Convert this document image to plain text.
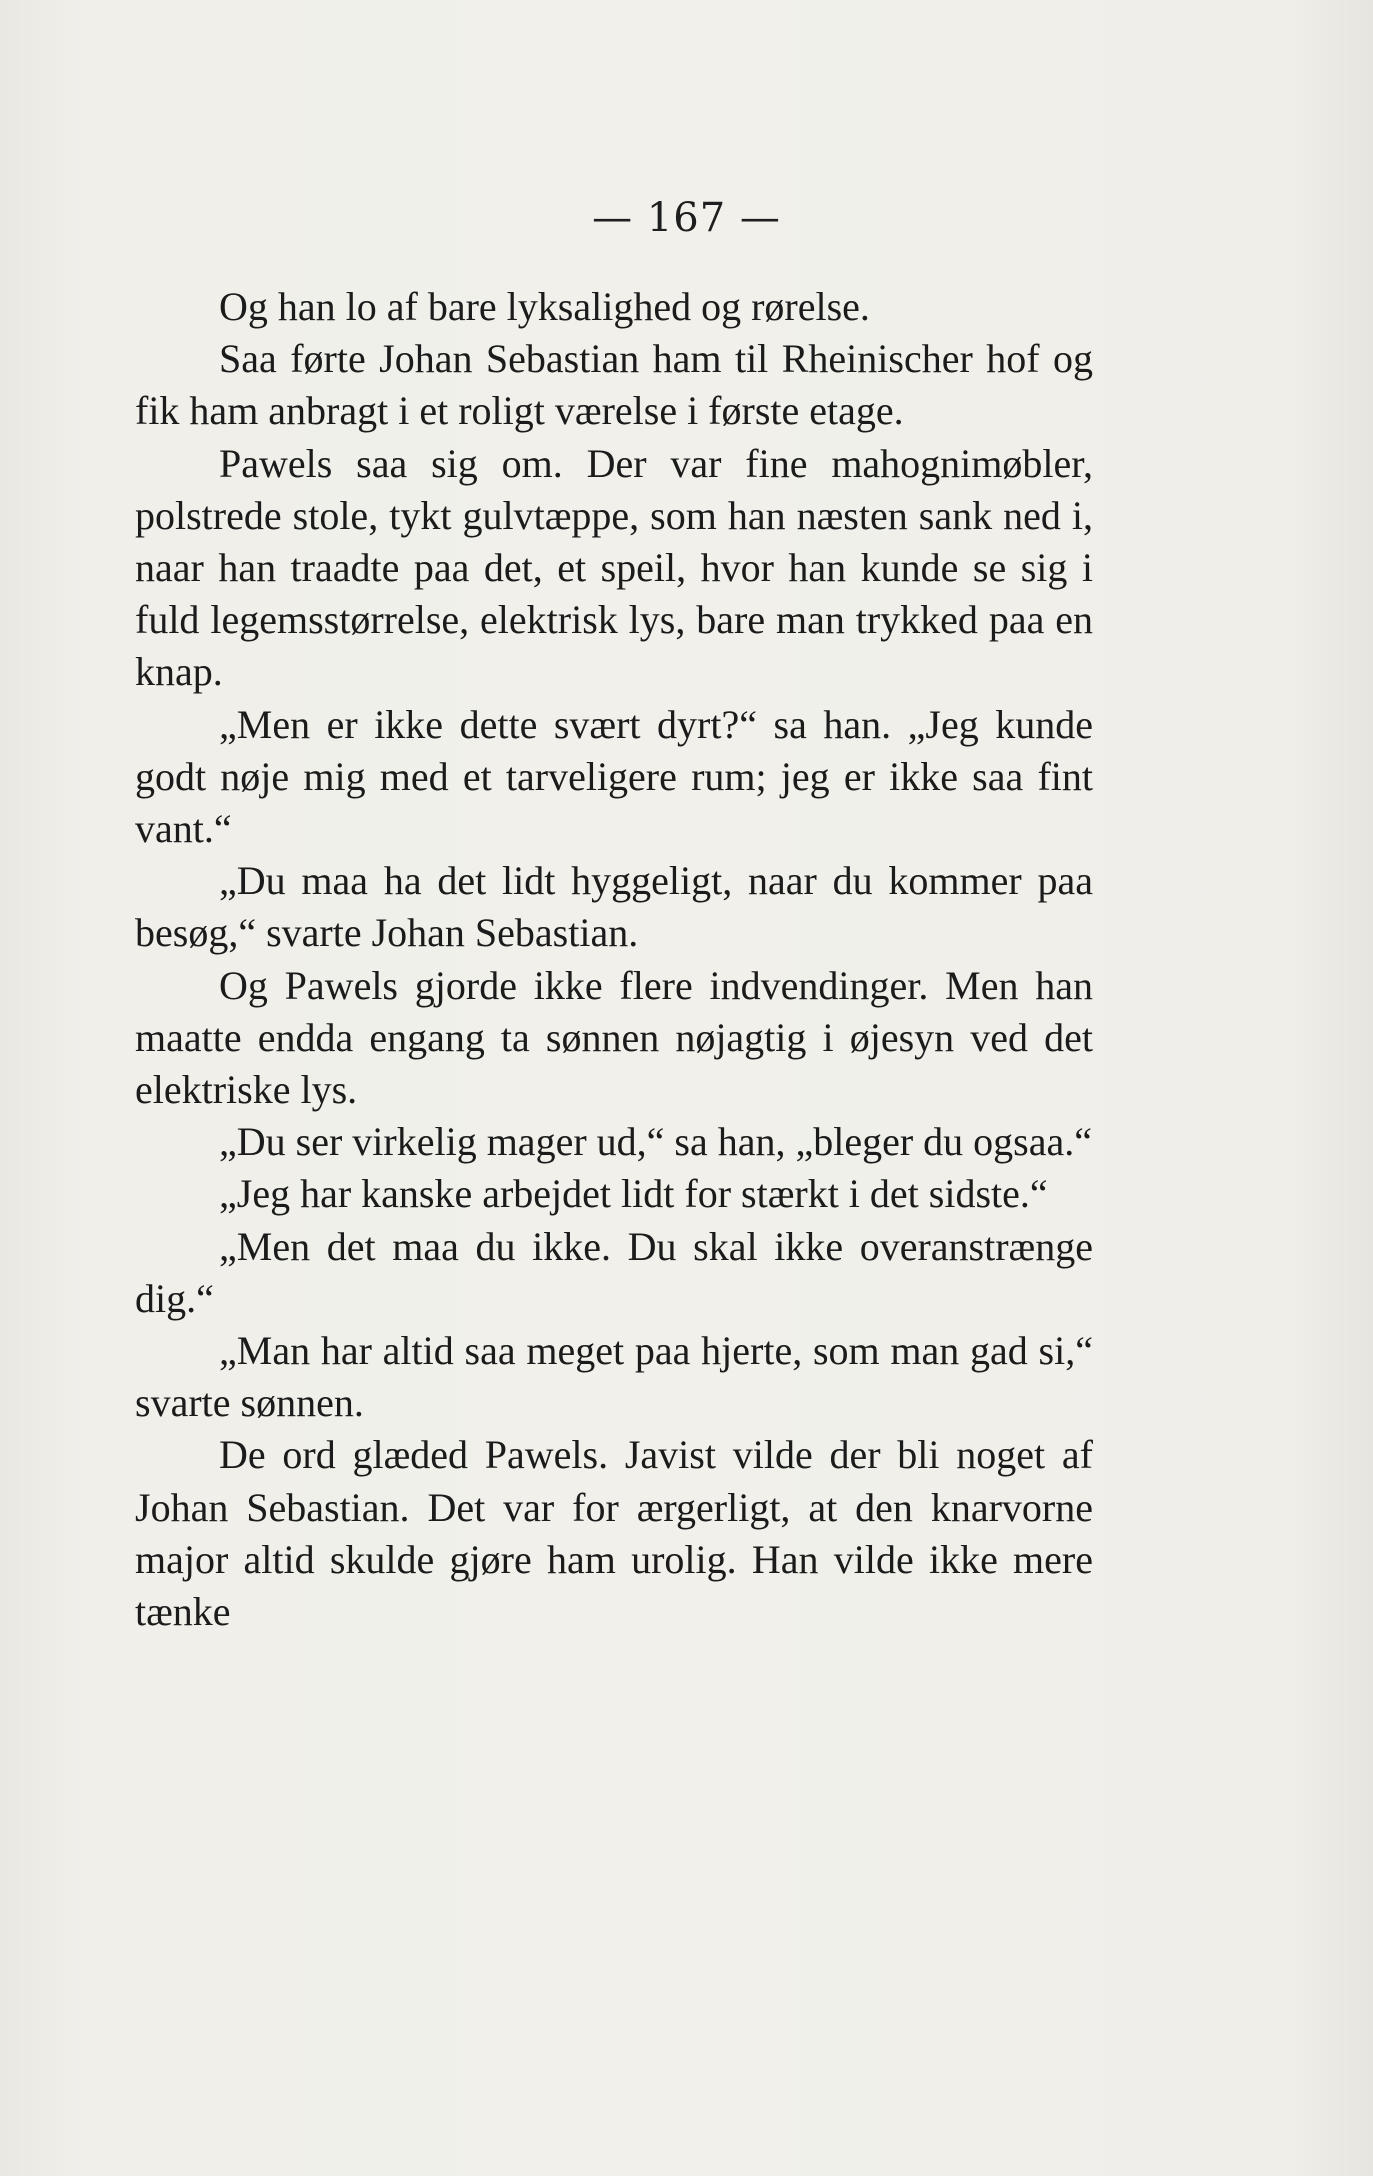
— 167 —

Og han lo af bare lyksalighed og rørelse.

Saa førte Johan Sebastian ham til Rheinischer hof og fik ham anbragt i et roligt værelse i første etage.

Pawels saa sig om. Der var fine mahognimøbler, polstrede stole, tykt gulvtæppe, som han næsten sank ned i, naar han traadte paa det, et speil, hvor han kunde se sig i fuld legemsstørrelse, elektrisk lys, bare man trykked paa en knap.

„Men er ikke dette svært dyrt?“ sa han. „Jeg kunde godt nøje mig med et tarveligere rum; jeg er ikke saa fint vant.“

„Du maa ha det lidt hyggeligt, naar du kommer paa besøg,“ svarte Johan Sebastian.

Og Pawels gjorde ikke flere indvendinger. Men han maatte endda engang ta sønnen nøjagtig i øjesyn ved det elektriske lys.

„Du ser virkelig mager ud,“ sa han, „bleger du ogsaa.“

„Jeg har kanske arbejdet lidt for stærkt i det sidste.“

„Men det maa du ikke. Du skal ikke overanstrænge dig.“

„Man har altid saa meget paa hjerte, som man gad si,“ svarte sønnen.

De ord glæded Pawels. Javist vilde der bli noget af Johan Sebastian. Det var for ærgerligt, at den knarvorne major altid skulde gjøre ham urolig. Han vilde ikke mere tænke
